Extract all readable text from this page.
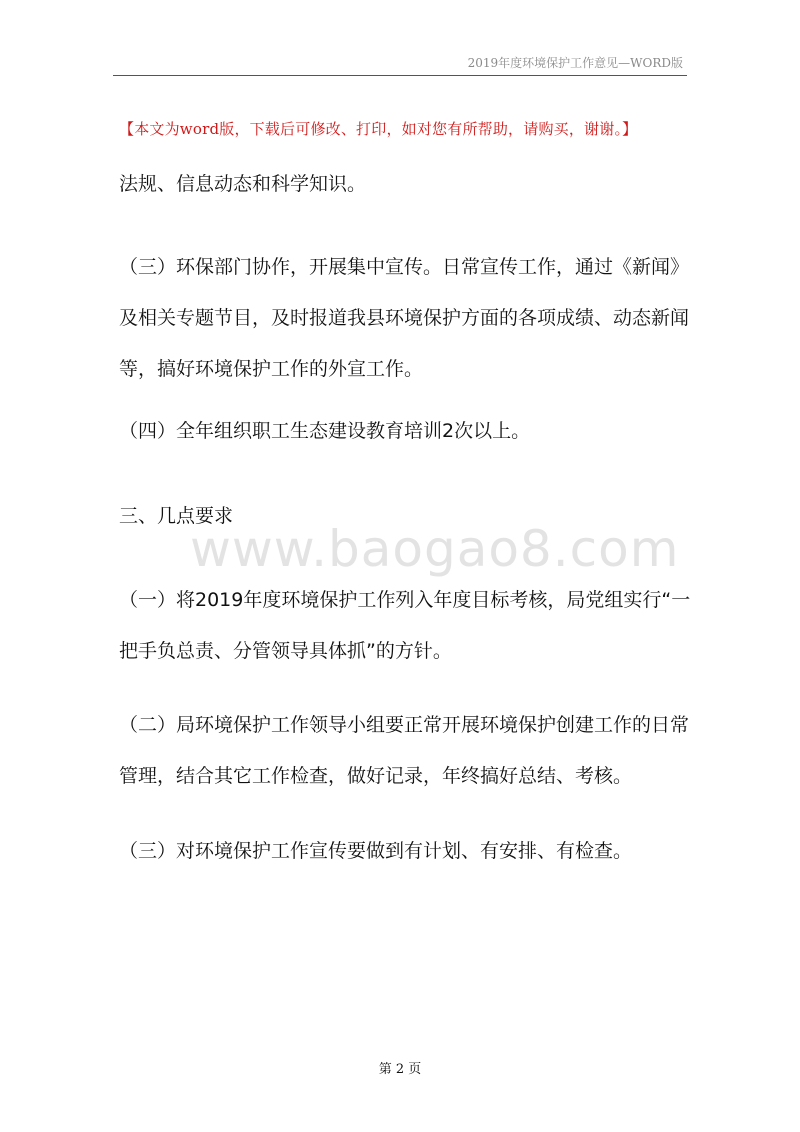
2019年度环境保护工作意见—WORD版
【本文为word版，下载后可修改、打印，如对您有所帮助，请购买，谢谢。】
法规、信息动态和科学知识。
（三）环保部门协作，开展集中宣传。日常宣传工作，通过《新闻》
及相关专题节目，及时报道我县环境保护方面的各项成绩、动态新闻
等，搞好环境保护工作的外宣工作。
（四）全年组织职工生态建设教育培训2次以上。
三、几点要求
www.baogao8.com
（一）将2019年度环境保护工作列入年度目标考核，局党组实行“一
把手负总责、分管领导具体抓”的方针。
（二）局环境保护工作领导小组要正常开展环境保护创建工作的日常
管理，结合其它工作检查，做好记录，年终搞好总结、考核。
（三）对环境保护工作宣传要做到有计划、有安排、有检查。
第 2 页
